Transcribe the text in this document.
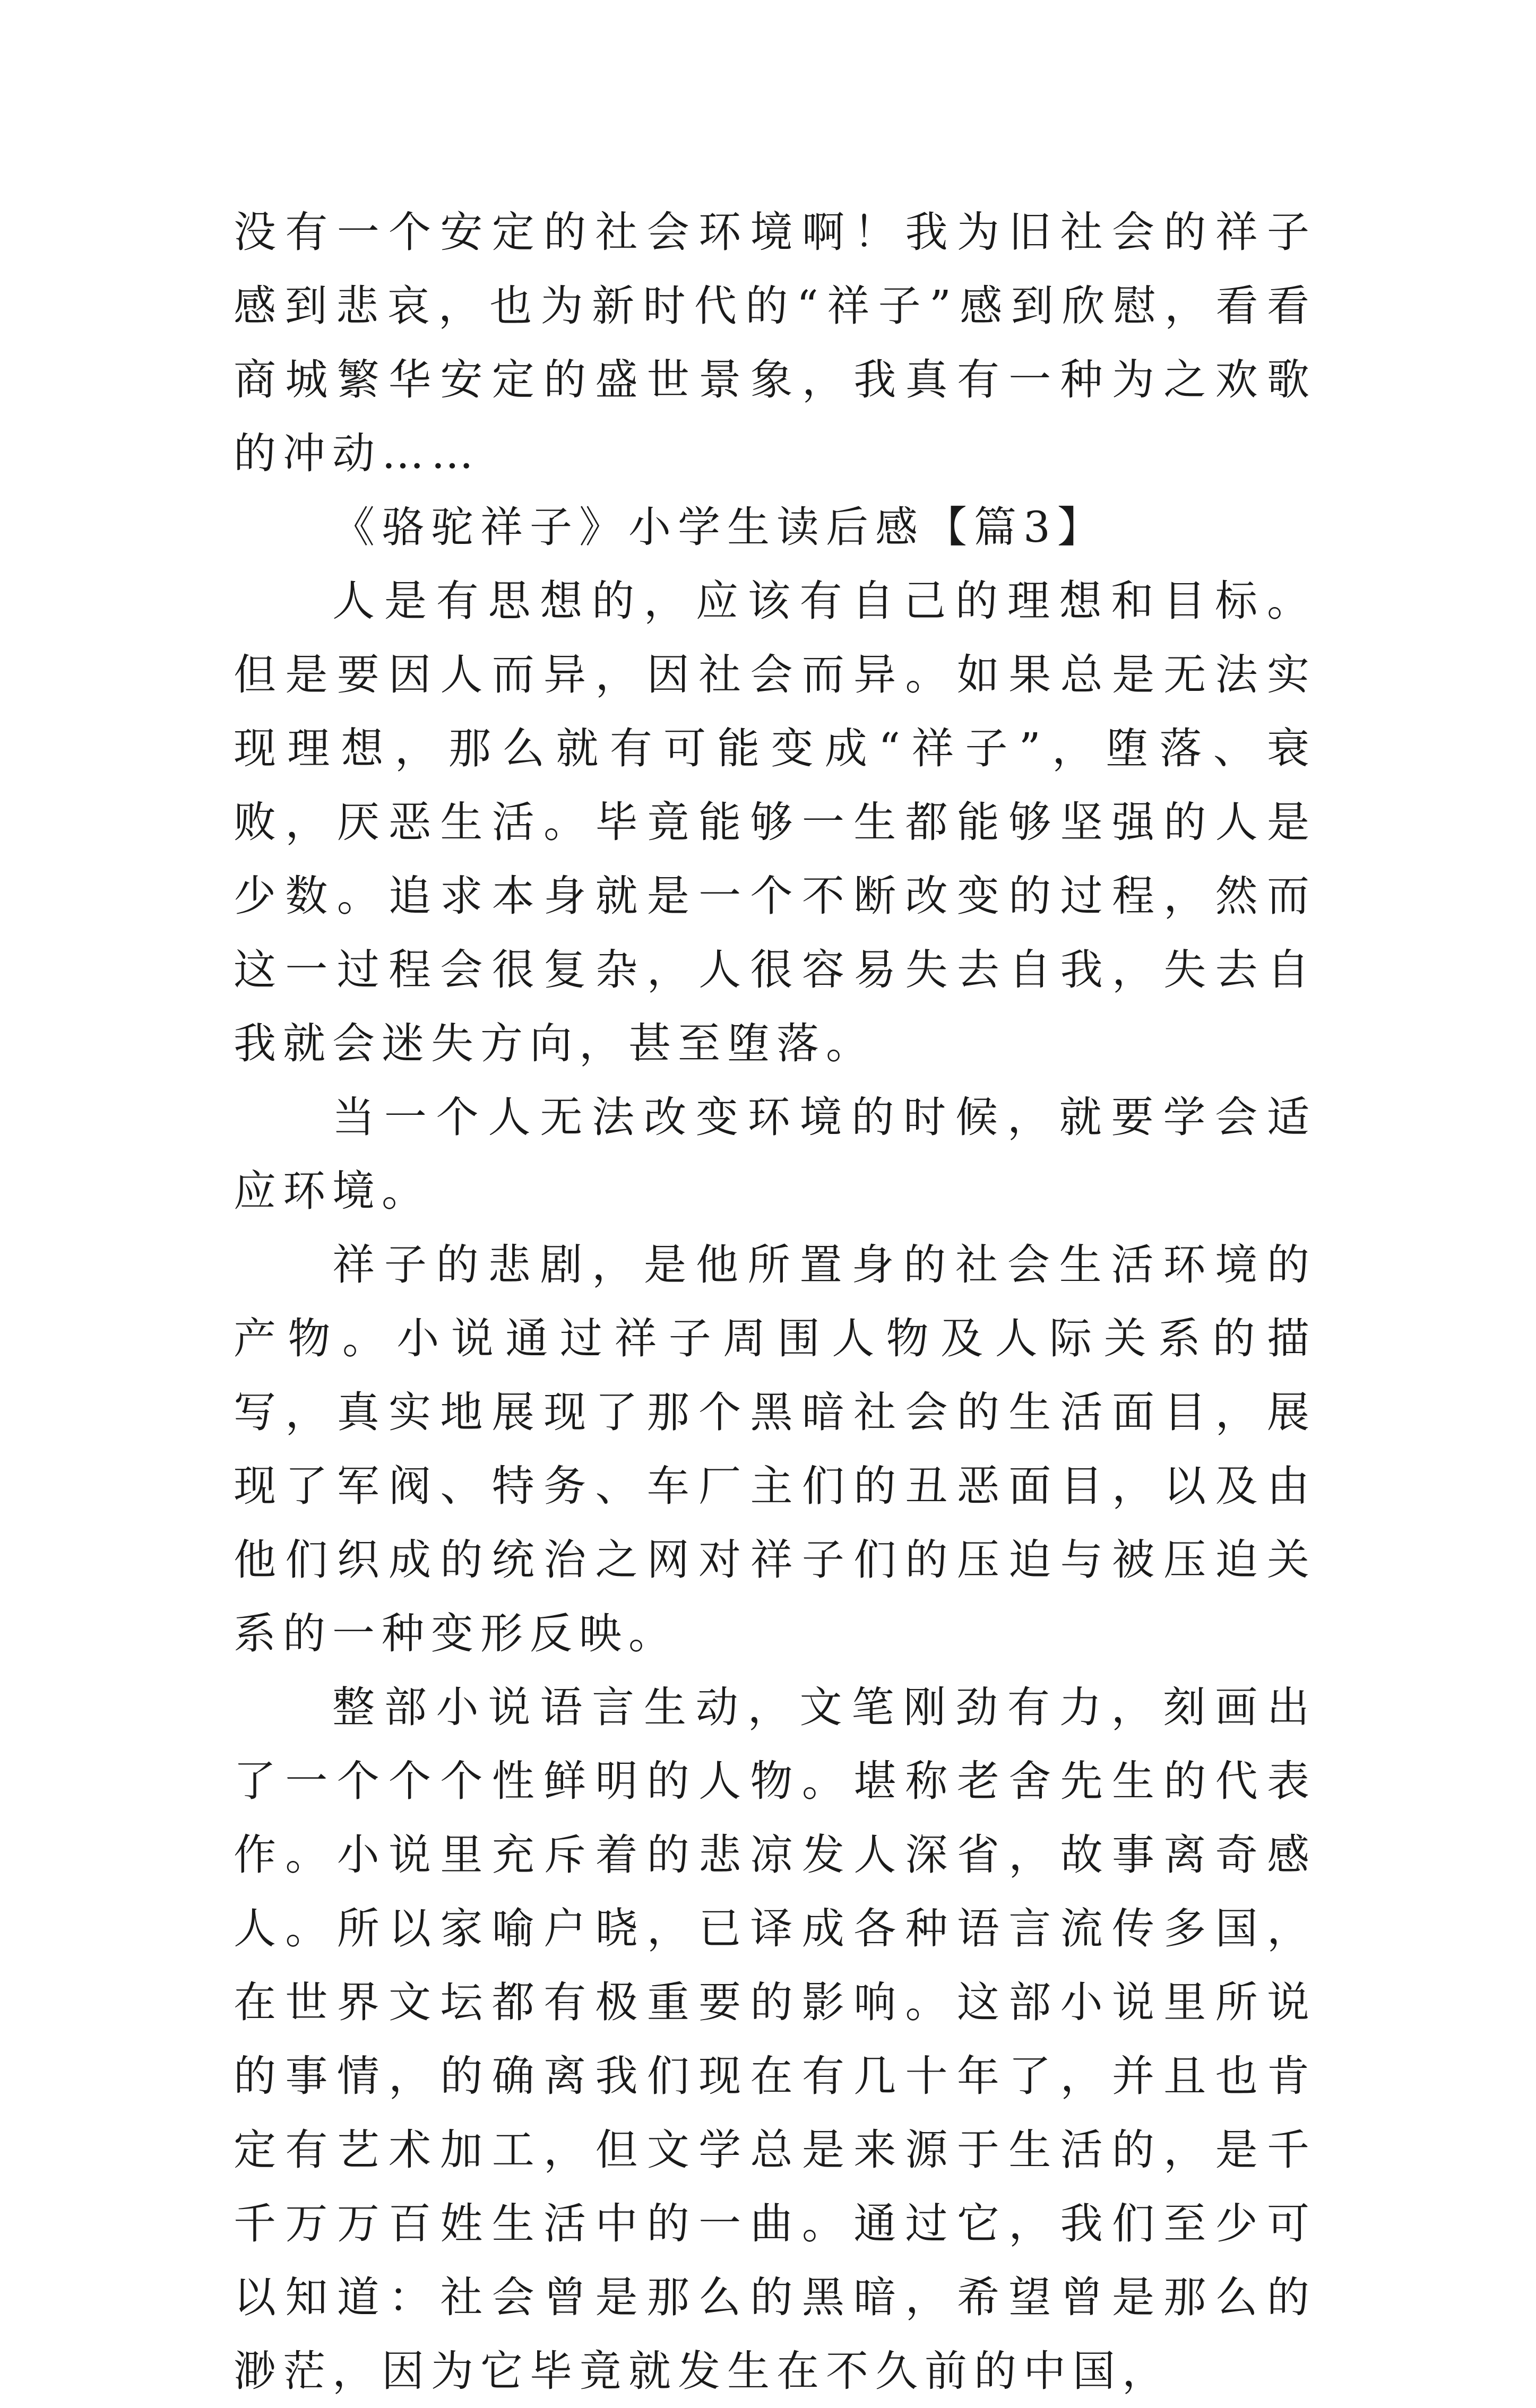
没有一个安定的社会环境啊！我为旧社会的祥子感到悲哀，也为新时代的“祥子”感到欣慰，看看商城繁华安定的盛世景象，我真有一种为之欢歌的冲动……

《骆驼祥子》小学生读后感【篇3】

人是有思想的，应该有自己的理想和目标。但是要因人而异，因社会而异。如果总是无法实现理想，那么就有可能变成“祥子”，堕落、衰败，厌恶生活。毕竟能够一生都能够坚强的人是少数。追求本身就是一个不断改变的过程，然而这一过程会很复杂，人很容易失去自我，失去自我就会迷失方向，甚至堕落。

当一个人无法改变环境的时候，就要学会适应环境。

祥子的悲剧，是他所置身的社会生活环境的产物。小说通过祥子周围人物及人际关系的描写，真实地展现了那个黑暗社会的生活面目，展现了军阀、特务、车厂主们的丑恶面目，以及由他们织成的统治之网对祥子们的压迫与被压迫关系的一种变形反映。

整部小说语言生动，文笔刚劲有力，刻画出了一个个个性鲜明的人物。堪称老舍先生的代表作。小说里充斥着的悲凉发人深省，故事离奇感人。所以家喻户晓，已译成各种语言流传多国，在世界文坛都有极重要的影响。这部小说里所说的事情，的确离我们现在有几十年了，并且也肯定有艺术加工，但文学总是来源于生活的，是千千万万百姓生活中的一曲。通过它，我们至少可以知道：社会曾是那么的黑暗，希望曾是那么的渺茫，因为它毕竟就发生在不久前的中国，
